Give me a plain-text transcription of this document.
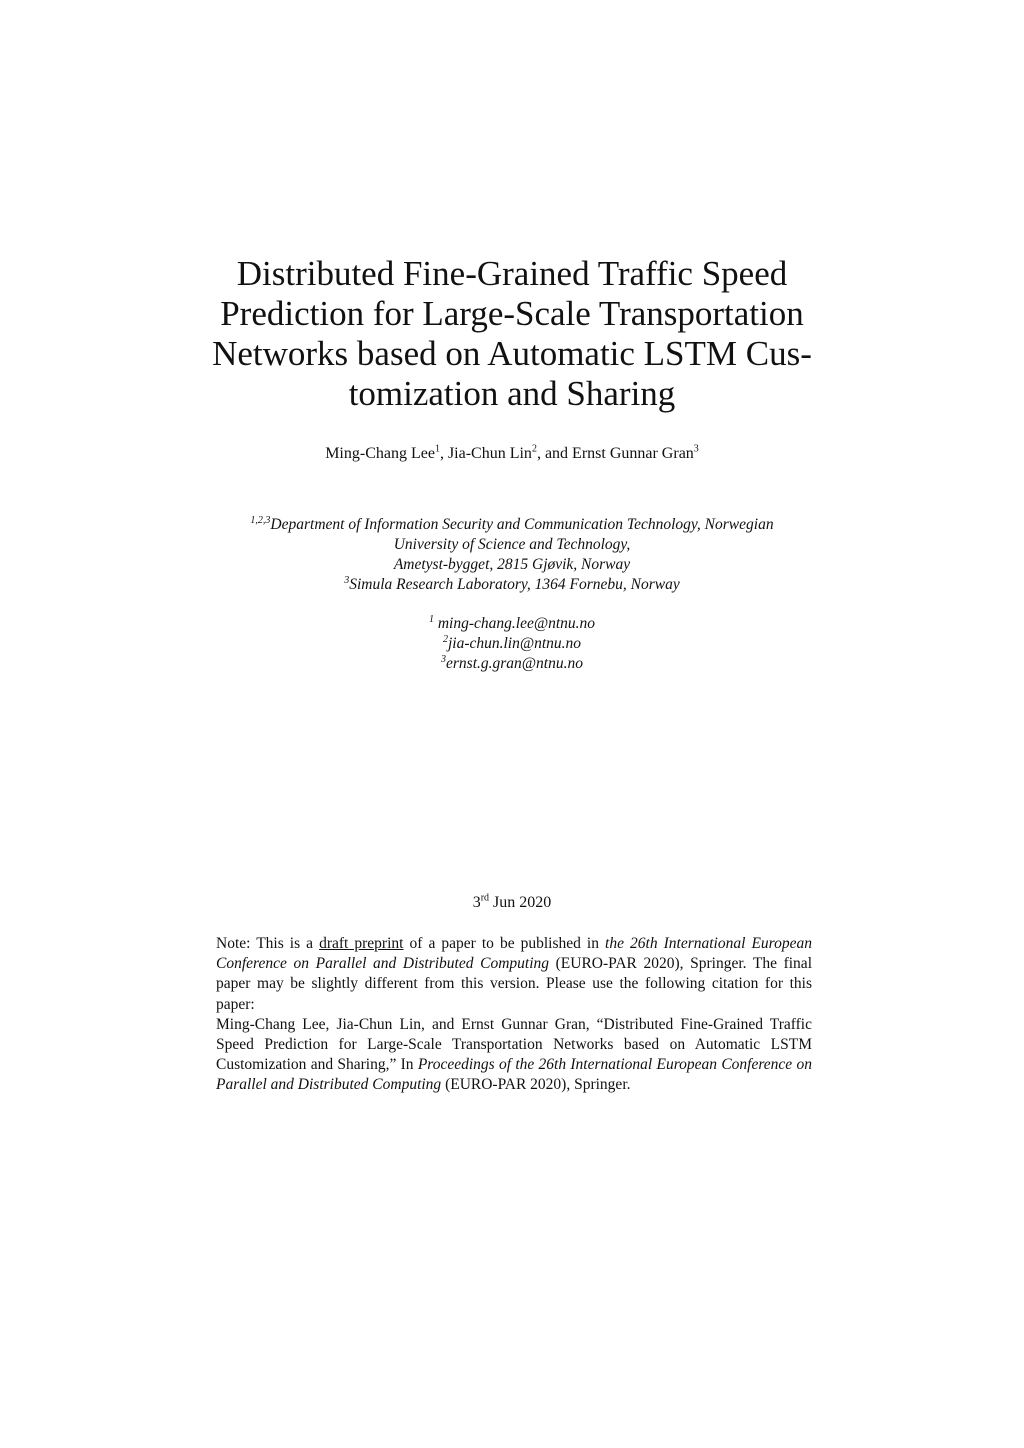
Distributed Fine-Grained Traffic Speed
Prediction for Large-Scale Transportation
Networks based on Automatic LSTM Cus-
tomization and Sharing
Ming-Chang Lee$^1$, Jia-Chun Lin$^2$, and Ernst Gunnar Gran$^3$
$^{1,2,3}$Department of Information Security and Communication Technology, Norwegian
University of Science and Technology,
Ametyst-bygget, 2815 Gjøvik, Norway
$^3$Simula Research Laboratory, 1364 Fornebu, Norway
$^1$ ming-chang.lee@ntnu.no
$^2$jia-chun.lin@ntnu.no
$^3$ernst.g.gran@ntnu.no
3rd Jun 2020

Note: This is a draft preprint of a paper to be published in the 26th International European Conference on Parallel and Distributed Computing (EURO-PAR 2020), Springer. The final paper may be slightly different from this version. Please use the following citation for this paper:

Ming-Chang Lee, Jia-Chun Lin, and Ernst Gunnar Gran, “Distributed Fine-Grained Traffic Speed Prediction for Large-Scale Transportation Networks based on Automatic LSTM Customization and Sharing,” In Proceedings of the 26th International European Conference on Parallel and Distributed Computing (EURO-PAR 2020), Springer.
